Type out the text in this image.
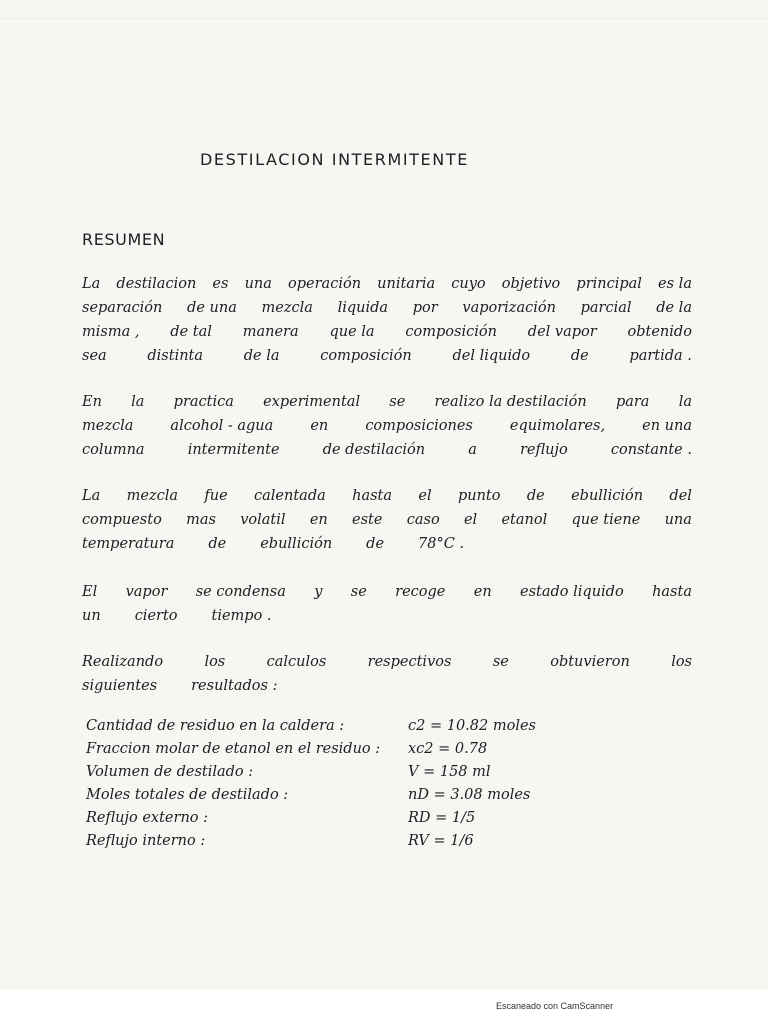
DESTILACION INTERMITENTE
RESUMEN
La destilacion es una operación unitaria cuyo objetivo principal es la
separación de una mezcla liquida por vaporización parcial de la
misma , de tal manera que la composición del vapor obtenido
sea	distinta	de la	composición	del liquido	de	partida .
En la practica experimental se realizo la destilación para la
mezcla	alcohol - agua	en	composiciones	equimolares,	en una
columna	intermitente	de destilación	a	reflujo	constante .
La mezcla fue calentada hasta el punto de ebullición del
compuesto mas volatil en este caso el etanol que tiene una
temperatura de ebullición de 78°C .
El vapor se condensa y se recoge en estado liquido hasta
un cierto tiempo .
Realizando	los	calculos	respectivos	se	obtuvieron	los
siguientes resultados :
Cantidad de residuo en la caldera :	c2 = 10.82 moles
Fraccion molar de etanol en el residuo : xc2 = 0.78
Volumen de destilado :	V = 158 ml
Moles totales de destilado :	nD = 3.08 moles
Reflujo externo :	RD = 1/5
Reflujo interno :	RV = 1/6
Escaneado con CamScanner
